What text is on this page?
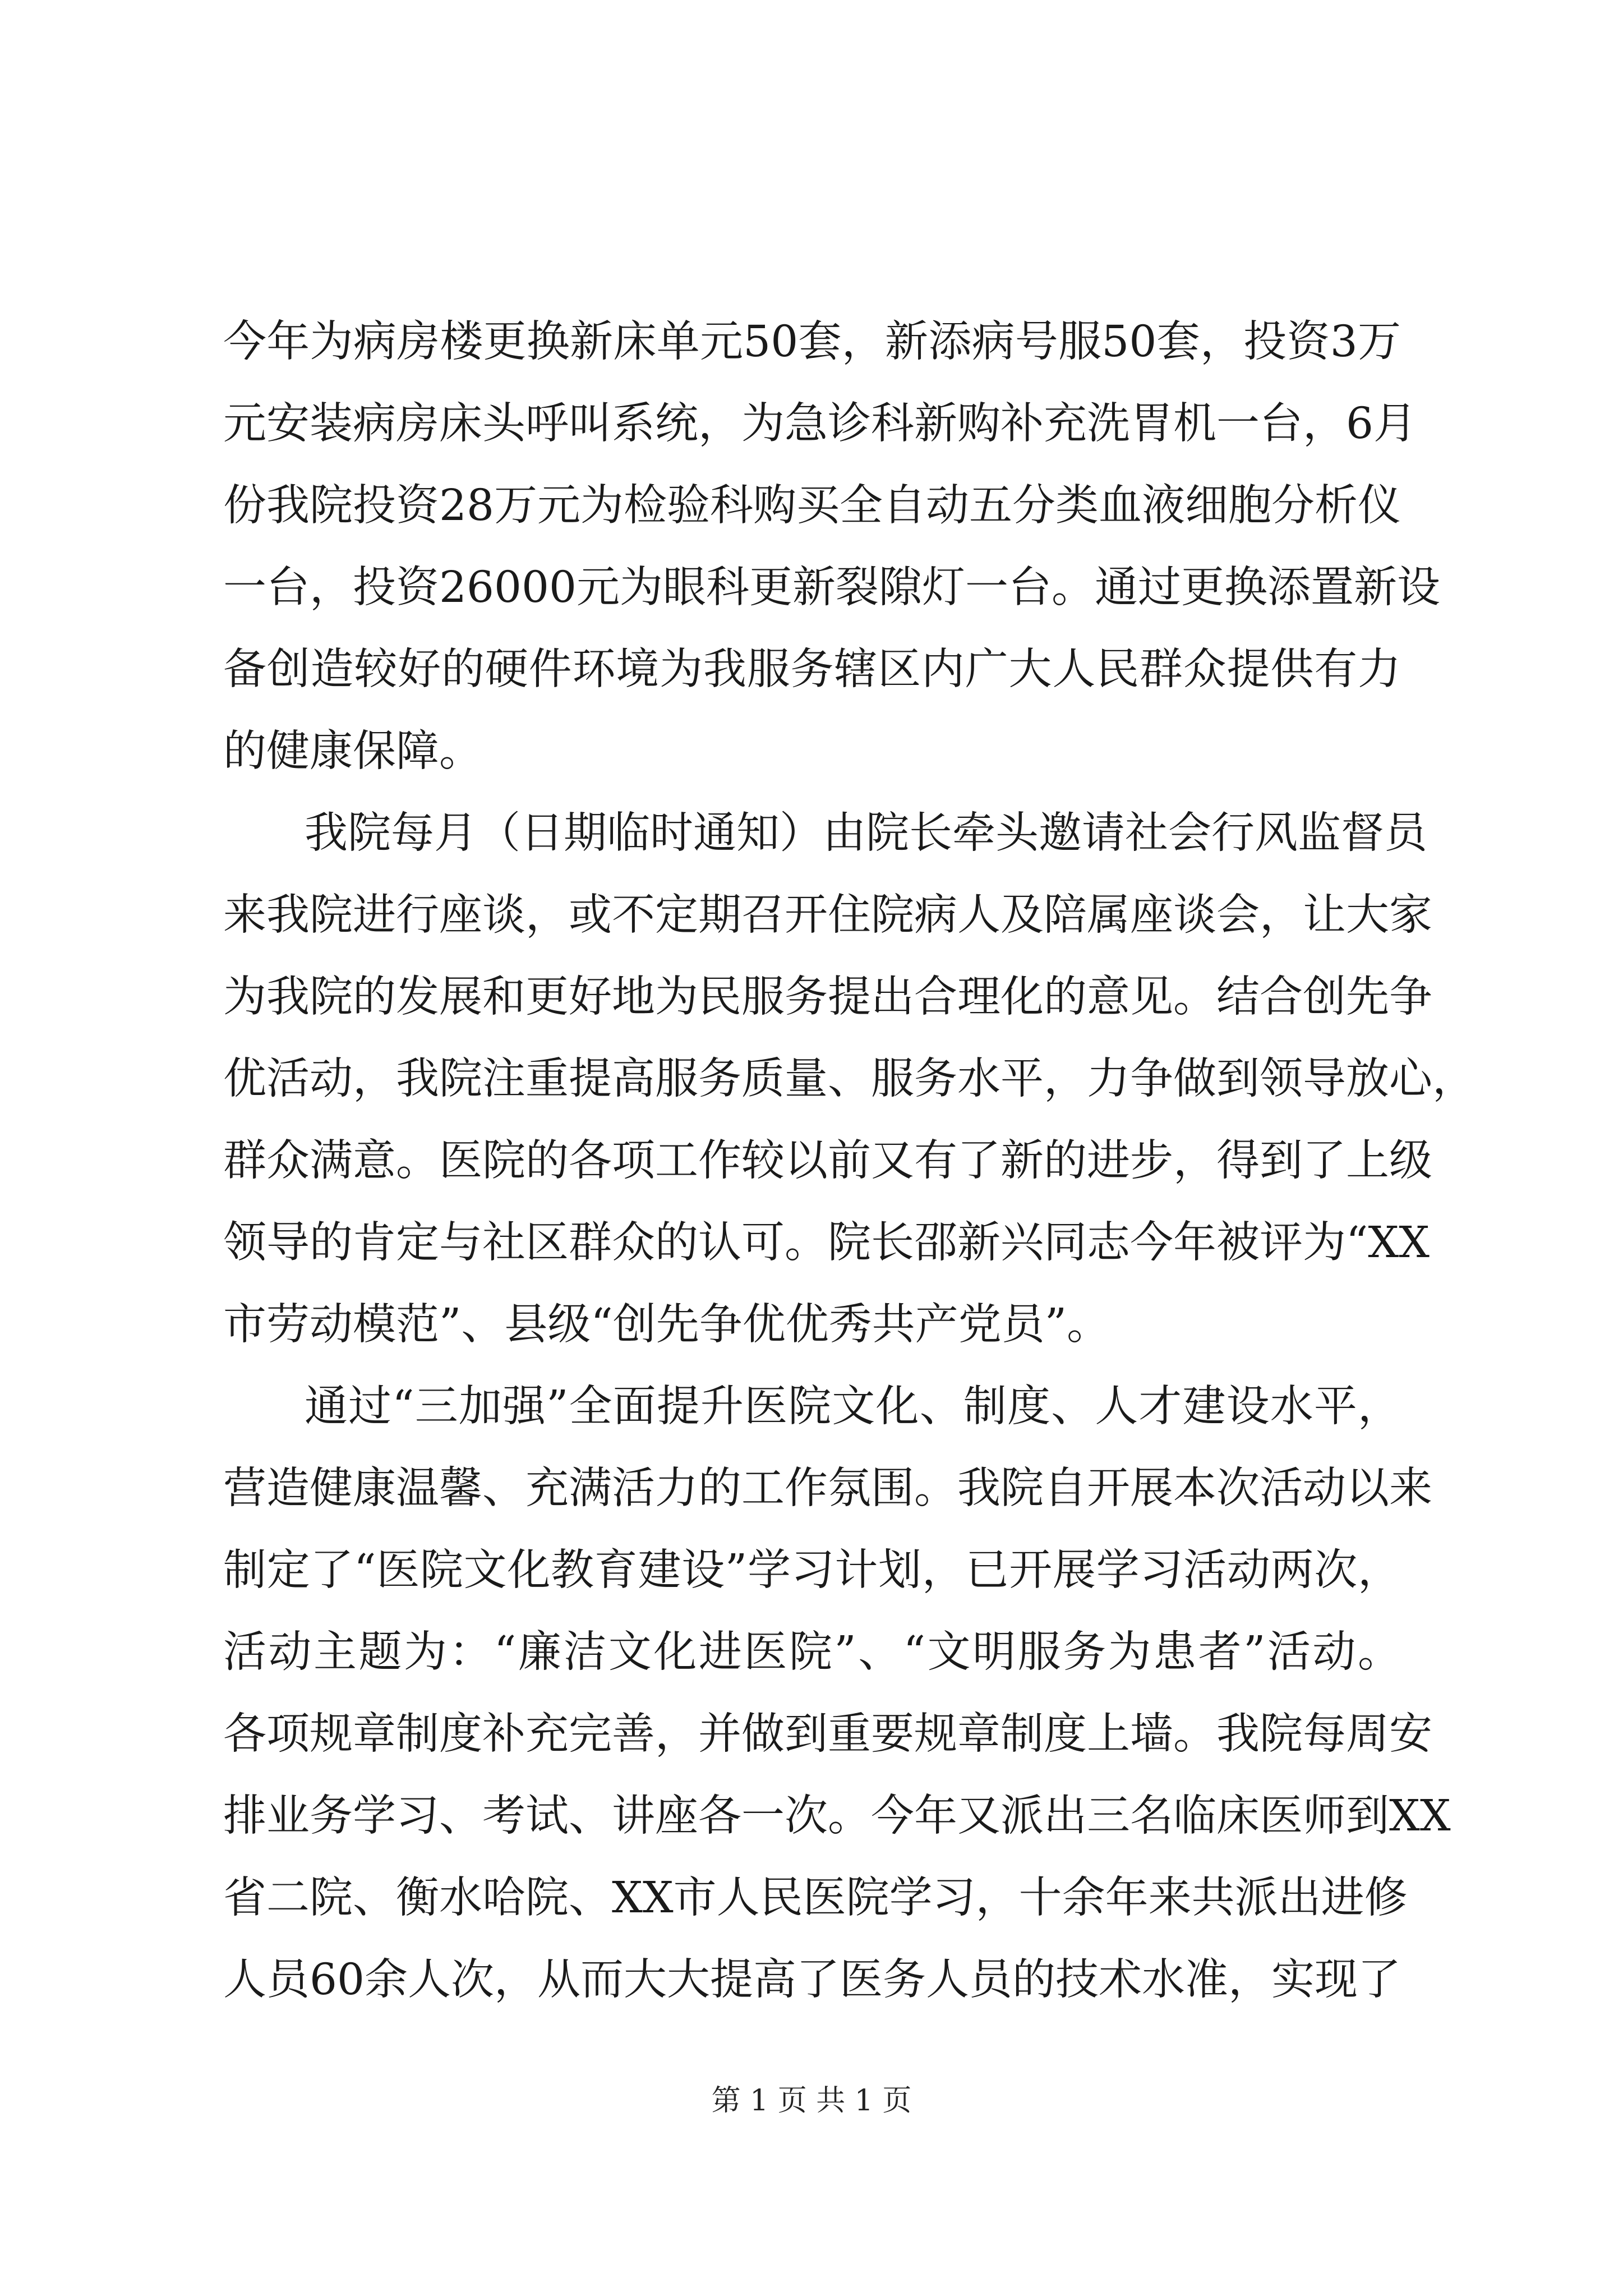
今年为病房楼更换新床单元50套，新添病号服50套，投资3万
元安装病房床头呼叫系统，为急诊科新购补充洗胃机一台，6月
份我院投资28万元为检验科购买全自动五分类血液细胞分析仪
一台，投资26000元为眼科更新裂隙灯一台。通过更换添置新设
备创造较好的硬件环境为我服务辖区内广大人民群众提供有力
的健康保障。
我院每月（日期临时通知）由院长牵头邀请社会行风监督员
来我院进行座谈，或不定期召开住院病人及陪属座谈会，让大家
为我院的发展和更好地为民服务提出合理化的意见。结合创先争
优活动，我院注重提高服务质量、服务水平，力争做到领导放心，
群众满意。医院的各项工作较以前又有了新的进步，得到了上级
领导的肯定与社区群众的认可。院长邵新兴同志今年被评为“XX
市劳动模范”、县级“创先争优优秀共产党员”。
通过“三加强”全面提升医院文化、制度、人才建设水平，
营造健康温馨、充满活力的工作氛围。我院自开展本次活动以来
制定了“医院文化教育建设”学习计划，已开展学习活动两次，
活动主题为：“廉洁文化进医院”、“文明服务为患者”活动。
各项规章制度补充完善，并做到重要规章制度上墙。我院每周安
排业务学习、考试、讲座各一次。今年又派出三名临床医师到XX
省二院、衡水哈院、XX市人民医院学习，十余年来共派出进修
人员60余人次，从而大大提高了医务人员的技术水准，实现了
第 1 页 共 1 页
